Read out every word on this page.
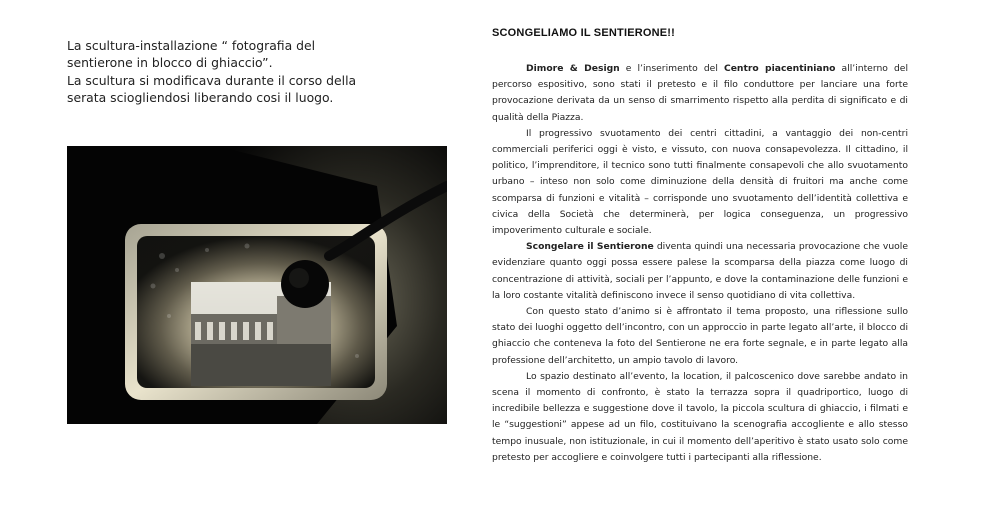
La scultura-installazione “ fotografia del sentierone in blocco di ghiaccio”.

La scultura si modificava durante il corso della serata sciogliendosi liberando cosi il luogo.

SCONGELIAMO IL SENTIERONE!!

Dimore & Design e l’inserimento del Centro piacentiniano all’interno del percorso espositivo, sono stati il pretesto e il filo conduttore per lanciare una forte provocazione derivata da un senso di smarrimento rispetto alla perdita di significato e di qualità della Piazza.

Il progressivo svuotamento dei centri cittadini, a vantaggio dei non-centri commerciali periferici oggi è visto, e vissuto, con nuova consapevolezza. Il cittadino, il politico, l’imprenditore, il tecnico sono tutti finalmente consapevoli che allo svuotamento urbano – inteso non solo come diminuzione della densità di fruitori ma anche come scomparsa di funzioni e vitalità – corrisponde uno svuotamento dell’identità collettiva e civica della Società che determinerà, per logica conseguenza, un progressivo impoverimento culturale e sociale.

Scongelare il Sentierone diventa quindi una necessaria provocazione che vuole evidenziare quanto oggi possa essere palese la scomparsa della piazza come luogo di concentrazione di attività, sociali per l’appunto, e dove la contaminazione delle funzioni e la loro costante vitalità definiscono invece il senso quotidiano di vita collettiva.

Con questo stato d’animo si è affrontato il tema proposto, una riflessione sullo stato dei luoghi oggetto dell’incontro, con un approccio in parte legato all’arte, il blocco di ghiaccio che conteneva la foto del Sentierone ne era forte segnale, e in parte legato alla professione dell’architetto, un ampio tavolo di lavoro.

Lo spazio destinato all’evento, la location, il palcoscenico dove sarebbe andato in scena il momento di confronto, è stato la terrazza sopra il quadriportico, luogo di incredibile bellezza e suggestione dove il tavolo, la piccola scultura di ghiaccio, i filmati e le “suggestioni” appese ad un filo, costituivano la scenografia accogliente e allo stesso tempo inusuale, non istituzionale, in cui il momento dell’aperitivo è stato usato solo come pretesto per accogliere e coinvolgere tutti i partecipanti alla riflessione.
